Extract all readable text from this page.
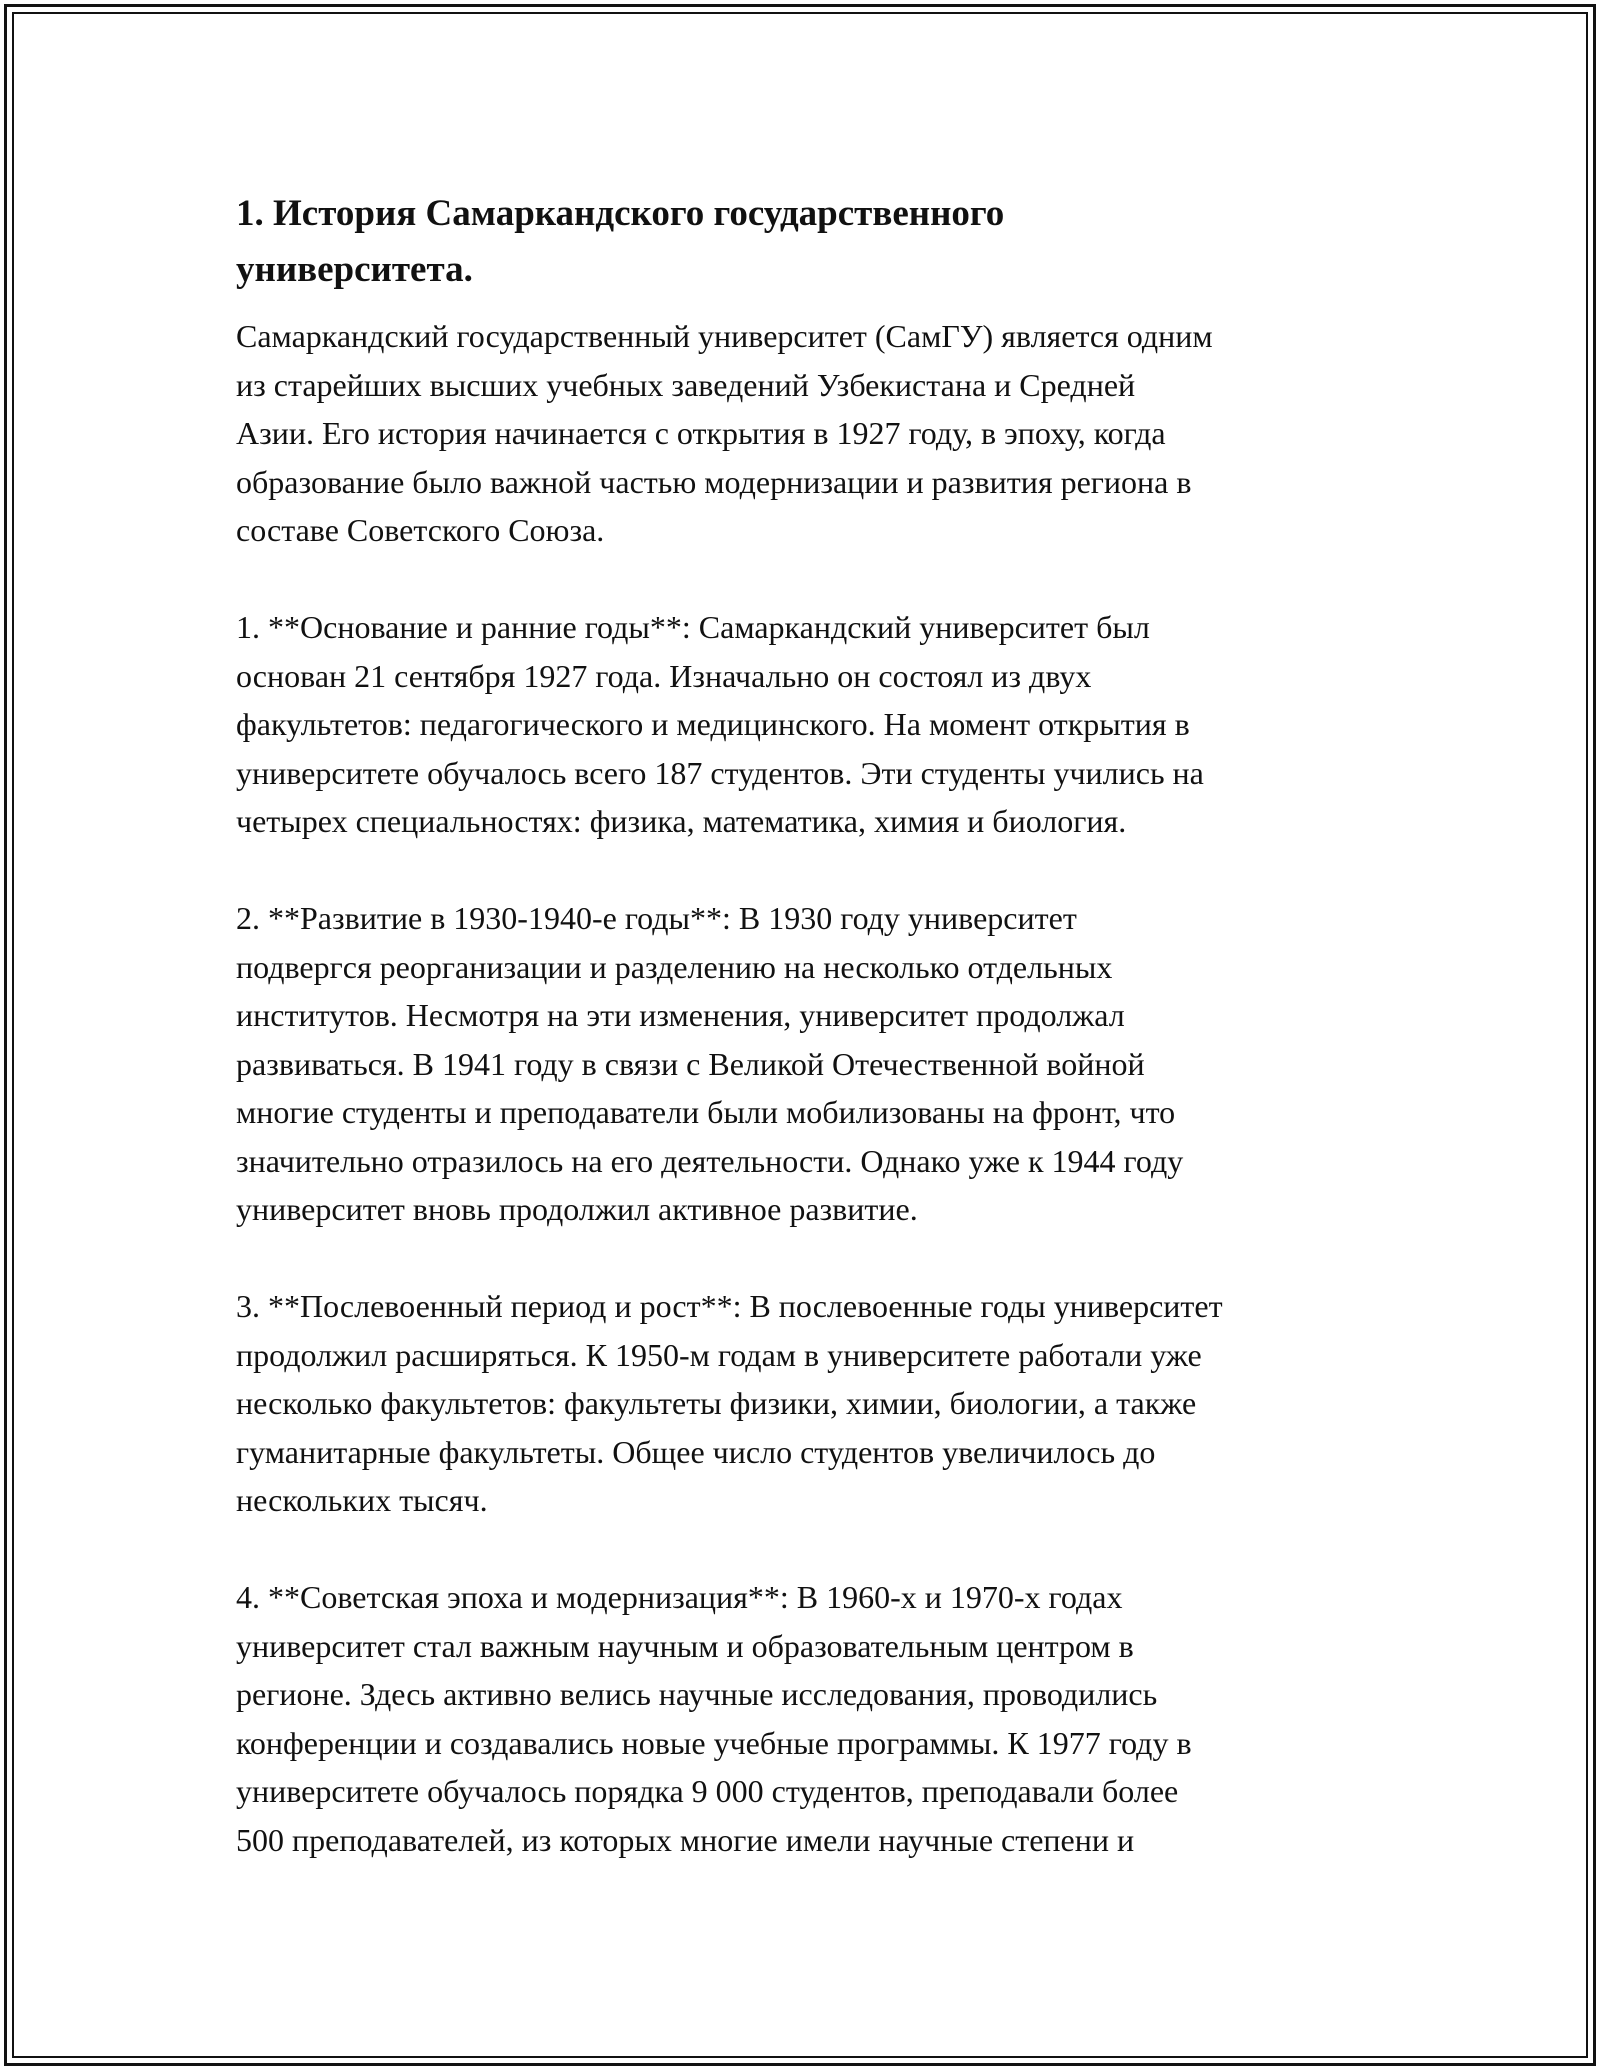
1. История Самаркандского государственного
университета.

Самаркандский государственный университет (СамГУ) является одним
из старейших высших учебных заведений Узбекистана и Средней
Азии. Его история начинается с открытия в 1927 году, в эпоху, когда
образование было важной частью модернизации и развития региона в
составе Советского Союза.

1. **Основание и ранние годы**: Самаркандский университет был
основан 21 сентября 1927 года. Изначально он состоял из двух
факультетов: педагогического и медицинского. На момент открытия в
университете обучалось всего 187 студентов. Эти студенты учились на
четырех специальностях: физика, математика, химия и биология.

2. **Развитие в 1930-1940-е годы**: В 1930 году университет
подвергся реорганизации и разделению на несколько отдельных
институтов. Несмотря на эти изменения, университет продолжал
развиваться. В 1941 году в связи с Великой Отечественной войной
многие студенты и преподаватели были мобилизованы на фронт, что
значительно отразилось на его деятельности. Однако уже к 1944 году
университет вновь продолжил активное развитие.

3. **Послевоенный период и рост**: В послевоенные годы университет
продолжил расширяться. К 1950-м годам в университете работали уже
несколько факультетов: факультеты физики, химии, биологии, а также
гуманитарные факультеты. Общее число студентов увеличилось до
нескольких тысяч.

4. **Советская эпоха и модернизация**: В 1960-х и 1970-х годах
университет стал важным научным и образовательным центром в
регионе. Здесь активно велись научные исследования, проводились
конференции и создавались новые учебные программы. К 1977 году в
университете обучалось порядка 9 000 студентов, преподавали более
500 преподавателей, из которых многие имели научные степени и
